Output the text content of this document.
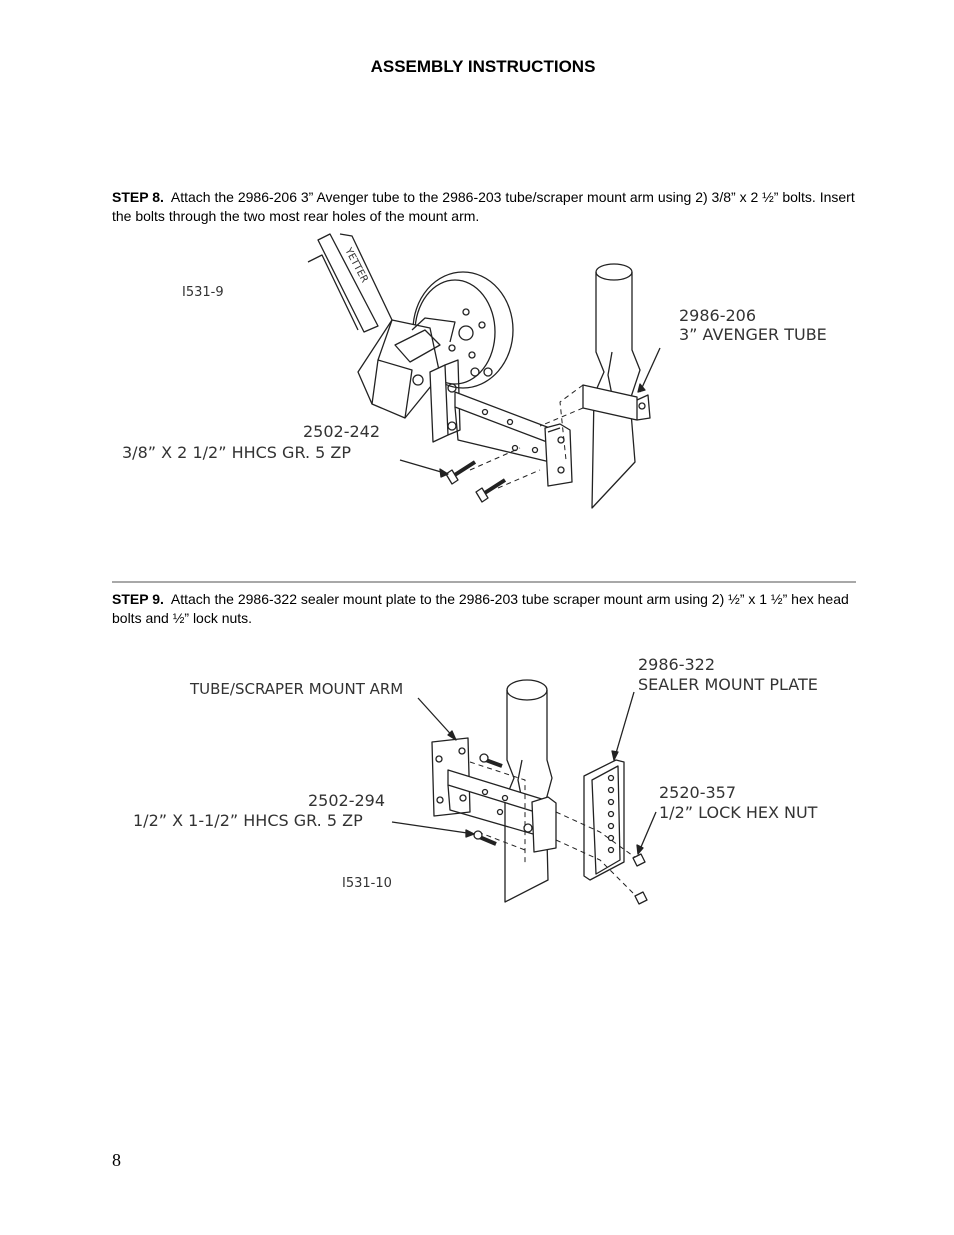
ASSEMBLY INSTRUCTIONS
STEP 8. Attach the 2986-206 3” Avenger tube to the 2986-203 tube/scraper mount arm using 2) 3/8” x 2 ½” bolts. Insert the bolts through the two most rear holes of the mount arm.
I531-9
YETTER
2986-206
3” AVENGER TUBE
2502-242
3/8” X 2 1/2” HHCS GR. 5 ZP
STEP 9. Attach the 2986-322 sealer mount plate to the 2986-203 tube scraper mount arm using 2) ½” x 1 ½” hex head bolts and ½” lock nuts.
TUBE/SCRAPER MOUNT ARM
2986-322
SEALER MOUNT PLATE
2502-294
1/2” X 1-1/2” HHCS GR. 5 ZP
2520-357
1/2” LOCK HEX NUT
I531-10
8
